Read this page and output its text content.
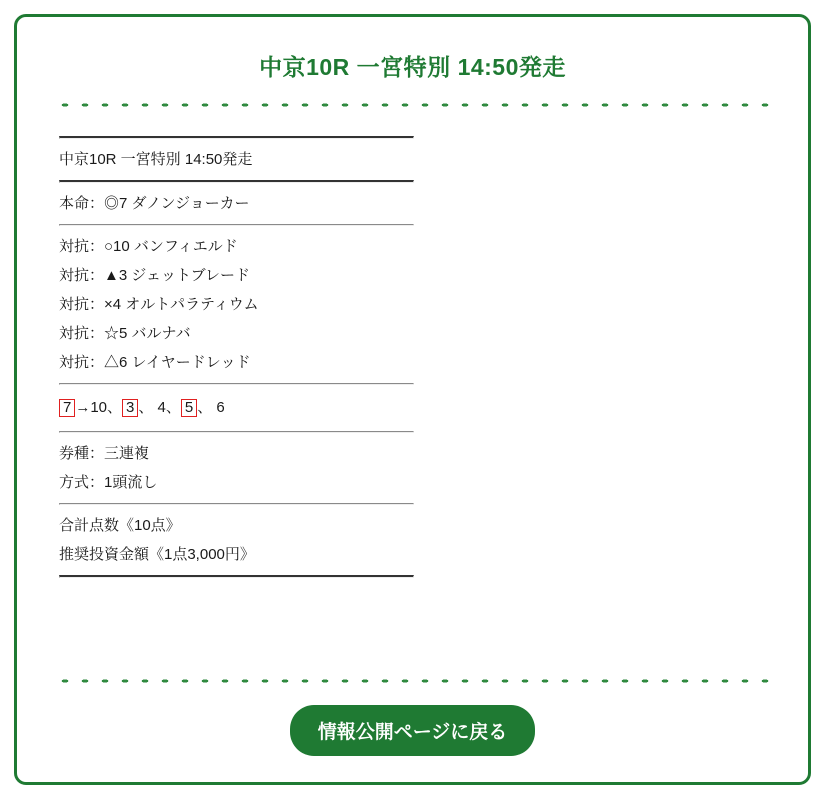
中京10R 一宮特別 14:50発走
中京10R 一宮特別 14:50発走
本命：◎7 ダノンジョーカー
対抗：○10 バンフィエルド
対抗：▲3 ジェットブレード
対抗：×4 オルトパラティウム
対抗：☆5 バルナバ
対抗：△6 レイヤードレッド
7 →10、 3 、 4、 5 、 6
券種：三連複
方式：1頭流し
合計点数《10点》
推奨投資金額《1点3,000円》
情報公開ページに戻る
